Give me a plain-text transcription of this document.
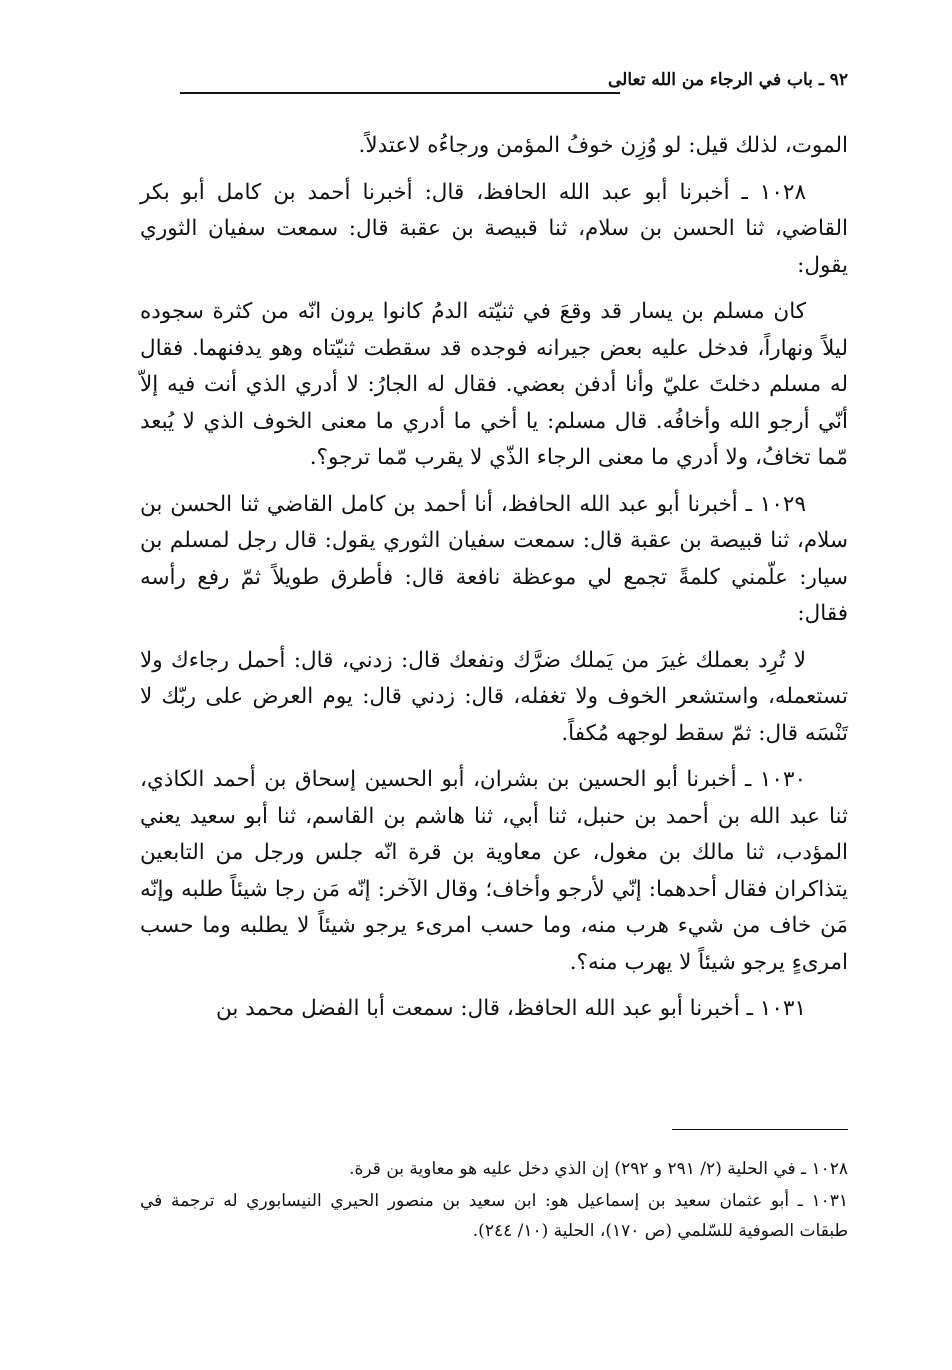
٩٢ ـ باب في الرجاء من الله تعالى

الموت، لذلك قيل: لو وُزِن خوفُ المؤمن ورجاءُه لاعتدلاً.

١٠٢٨ ـ أخبرنا أبو عبد الله الحافظ، قال: أخبرنا أحمد بن كامل أبو بكر القاضي، ثنا الحسن بن سلام، ثنا قبيصة بن عقبة قال: سمعت سفيان الثوري يقول:

كان مسلم بن يسار قد وقعَ في ثنيّته الدمُ كانوا يرون انّه من كثرة سجوده ليلاً ونهاراً، فدخل عليه بعض جيرانه فوجده قد سقطت ثنيّتاه وهو يدفنهما. فقال له مسلم دخلتَ عليّ وأنا أدفن بعضي. فقال له الجارُ: لا أدري الذي أنت فيه إلاّ أنّي أرجو الله وأخافُه. قال مسلم: يا أخي ما أدري ما معنى الخوف الذي لا يُبعد مّما تخافُ، ولا أدري ما معنى الرجاء الذّي لا يقرب مّما ترجو؟.

١٠٢٩ ـ أخبرنا أبو عبد الله الحافظ، أنا أحمد بن كامل القاضي ثنا الحسن بن سلام، ثنا قبيصة بن عقبة قال: سمعت سفيان الثوري يقول: قال رجل لمسلم بن سيار: علّمني كلمةً تجمع لي موعظة نافعة قال: فأطرق طويلاً ثمّ رفع رأسه فقال:

لا تُرِد بعملك غيرَ من يَملك ضرَّك ونفعك قال: زدني، قال: أحمل رجاءك ولا تستعمله، واستشعر الخوف ولا تغفله، قال: زدني قال: يوم العرض على ربّك لا تَنْسَه قال: ثمّ سقط لوجهه مُكفاً.

١٠٣٠ ـ أخبرنا أبو الحسين بن بشران، أبو الحسين إسحاق بن أحمد الكاذي، ثنا عبد الله بن أحمد بن حنبل، ثنا أبي، ثنا هاشم بن القاسم، ثنا أبو سعيد يعني المؤدب، ثنا مالك بن مغول، عن معاوية بن قرة انّه جلس ورجل من التابعين يتذاكران فقال أحدهما: إنّي لأرجو وأخاف؛ وقال الآخر: إنّه مَن رجا شيئاً طلبه وإنّه مَن خاف من شيء هرب منه، وما حسب امرىء يرجو شيئاً لا يطلبه وما حسب امرىءٍ يرجو شيئاً لا يهرب منه؟.

١٠٣١ ـ أخبرنا أبو عبد الله الحافظ، قال: سمعت أبا الفضل محمد بن

١٠٢٨ ـ في الحلية (٢/ ٢٩١ و ٢٩٢) إن الذي دخل عليه هو معاوية بن قرة.

١٠٣١ ـ أبو عثمان سعيد بن إسماعيل هو: ابن سعيد بن منصور الحيري النيسابوري له ترجمة في طبقات الصوفية للسّلمي (ص ١٧٠)، الحلية (١٠/ ٢٤٤).
